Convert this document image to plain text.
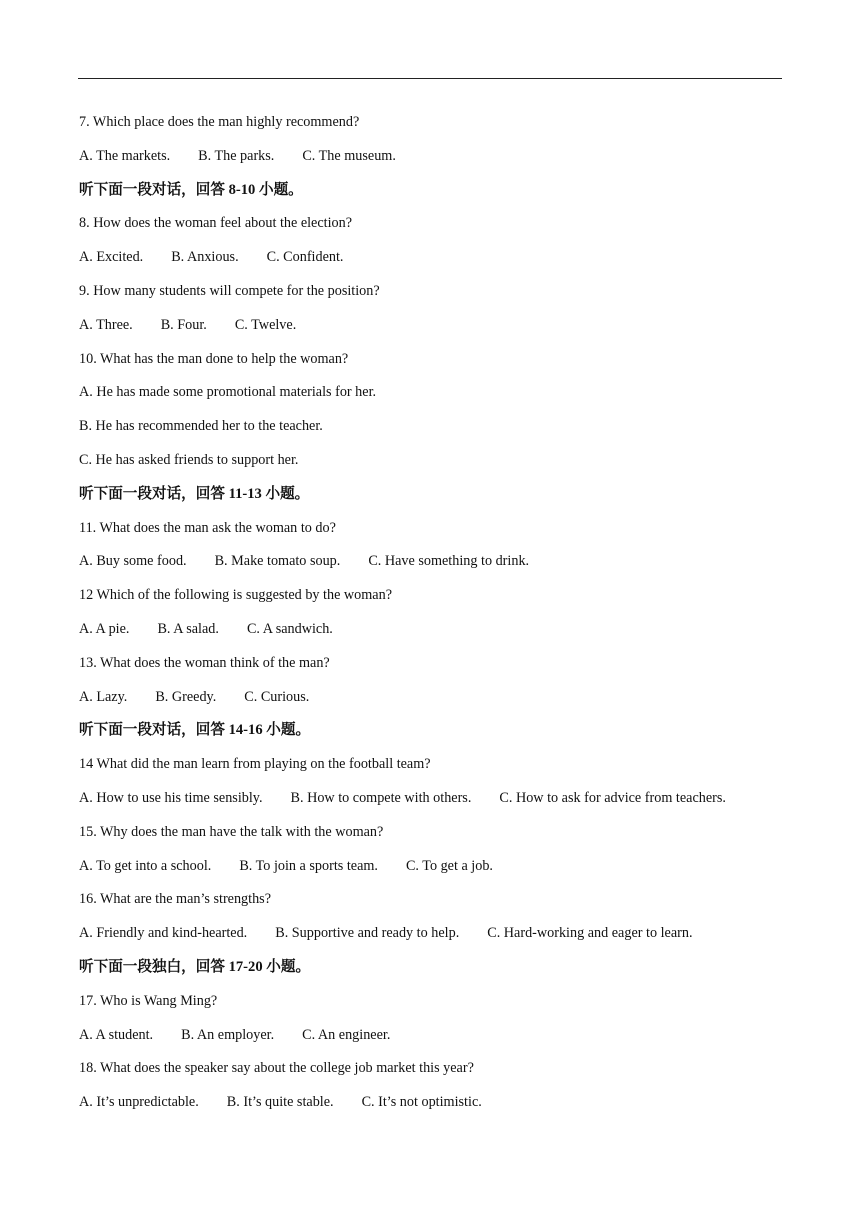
7. Which place does the man highly recommend?
A. The markets. B. The parks. C. The museum.
听下面一段对话，回答 8-10 小题。
8. How does the woman feel about the election?
A. Excited. B. Anxious. C. Confident.
9. How many students will compete for the position?
A. Three. B. Four. C. Twelve.
10. What has the man done to help the woman?
A. He has made some promotional materials for her.
B. He has recommended her to the teacher.
C. He has asked friends to support her.
听下面一段对话，回答 11-13 小题。
11. What does the man ask the woman to do?
A. Buy some food. B. Make tomato soup. C. Have something to drink.
12 Which of the following is suggested by the woman?
A. A pie. B. A salad. C. A sandwich.
13. What does the woman think of the man?
A. Lazy. B. Greedy. C. Curious.
听下面一段对话，回答 14-16 小题。
14 What did the man learn from playing on the football team?
A. How to use his time sensibly. B. How to compete with others. C. How to ask for advice from teachers.
15. Why does the man have the talk with the woman?
A. To get into a school. B. To join a sports team. C. To get a job.
16. What are the man’s strengths?
A. Friendly and kind-hearted. B. Supportive and ready to help. C. Hard-working and eager to learn.
听下面一段独白，回答 17-20 小题。
17. Who is Wang Ming?
A. A student. B. An employer. C. An engineer.
18. What does the speaker say about the college job market this year?
A. It’s unpredictable. B. It’s quite stable. C. It’s not optimistic.
